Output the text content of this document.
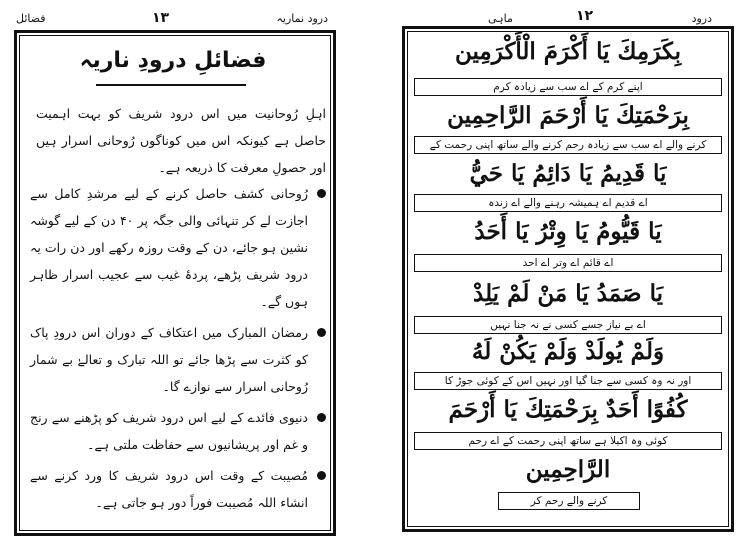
درود نماریہ
١٣
فضائل
فضائلِ درودِ ناریہ
اہلِ رُوحانیت میں اس درود شریف کو بہت اہمیت حاصل ہے کیونکہ اس میں کوناگوں رُوحانی اسرار ہیں اور حصولِ معرفت کا ذریعہ ہے۔
رُوحانی کشف حاصل کرنے کے لیے مرشدِ کامل سے اجازت لے کر تنہائی والی جگہ پر ۴۰ دن کے لیے گوشہ نشین ہو جائے، دن کے وقت روزہ رکھے اور دن رات یہ درود شریف پڑھے، پردۂ غیب سے عجیب اسرار ظاہر ہوں گے۔
رمضان المبارک میں اعتکاف کے دوران اس درودِ پاک کو کثرت سے پڑھا جائے تو اللہ تبارک و تعالےٰ بے شمار رُوحانی اسرار سے نوازے گا۔
دنیوی فائدے کے لیے اس درود شریف کو پڑھنے سے رنج و غم اور پریشانیوں سے حفاظت ملتی ہے۔
مُصیبت کے وقت اس درود شریف کا ورد کرنے سے انشاء اللہ مُصیبت فوراً دور ہو جاتی ہے۔
درود
١٢
ماہی
بِكَرَمِكَ يَا أَكْرَمَ الْأَكْرَمِين
اپنے کرم کے اے سب سے زیادہ کرم
بِرَحْمَتِكَ يَا أَرْحَمَ الرَّاحِمِين
کرنے والے اے سب سے زیادہ رحم کرنے والے ساتھ اپنی رحمت کے
يَا قَدِيمُ يَا دَائِمُ يَا حَيُّ
اے قدیم اے ہمیشہ رہنے والے اے زندہ
يَا قَيُّومُ يَا وِتْرُ يَا أَحَدُ
اے قائم اے وتر اے احد
يَا صَمَدُ يَا مَنْ لَمْ يَلِدْ
اے بے نیاز جسے کسی نے نہ جنا نہیں
وَلَمْ يُولَدْ وَلَمْ يَكُنْ لَهُ
اور نہ وہ کسی سے جنا گیا اور نہیں اس کے کوئی جوڑ کا
كُفُوًا أَحَدٌ بِرَحْمَتِكَ يَا أَرْحَمَ
کوئی وہ اکیلا ہے ساتھ اپنی رحمت کے اے رحم
الرَّاحِمِين
کرنے والے رحم کر
